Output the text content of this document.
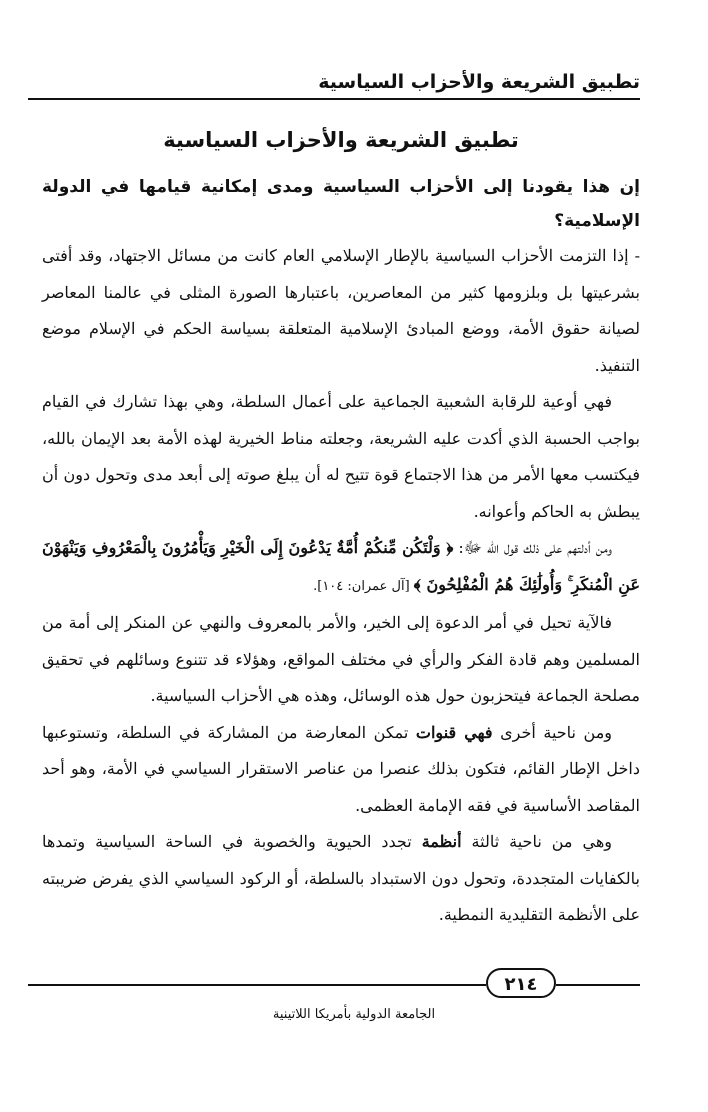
تطبيق الشريعة والأحزاب السياسية
تطبيق الشريعة والأحزاب السياسية

إن هذا يقودنا إلى الأحزاب السياسية ومدى إمكانية قيامها في الدولة الإسلامية؟

- إذا التزمت الأحزاب السياسية بالإطار الإسلامي العام كانت من مسائل الاجتهاد، وقد أفتى بشرعيتها بل وبلزومها كثير من المعاصرين، باعتبارها الصورة المثلى في عالمنا المعاصر لصيانة حقوق الأمة، ووضع المبادئ الإسلامية المتعلقة بسياسة الحكم في الإسلام موضع التنفيذ.

فهي أوعية للرقابة الشعبية الجماعية على أعمال السلطة، وهي بهذا تشارك في القيام بواجب الحسبة الذي أكدت عليه الشريعة، وجعلته مناط الخيرية لهذه الأمة بعد الإيمان بالله، فيكتسب معها الأمر من هذا الاجتماع قوة تتيح له أن يبلغ صوته إلى أبعد مدى وتحول دون أن يبطش به الحاكم وأعوانه.

ومن أدلتهم على ذلك قول الله ﷻ: ﴿ وَلْتَكُن مِّنكُمْ أُمَّةٌ يَدْعُونَ إِلَى الْخَيْرِ وَيَأْمُرُونَ بِالْمَعْرُوفِ وَيَنْهَوْنَ عَنِ الْمُنكَرِ ۚ وَأُولَٰئِكَ هُمُ الْمُفْلِحُونَ ﴾ [آل عمران: ١٠٤].

فالآية تحيل في أمر الدعوة إلى الخير، والأمر بالمعروف والنهي عن المنكر إلى أمة من المسلمين وهم قادة الفكر والرأي في مختلف المواقع، وهؤلاء قد تتنوع وسائلهم في تحقيق مصلحة الجماعة فيتحزبون حول هذه الوسائل، وهذه هي الأحزاب السياسية.

ومن ناحية أخرى فهي قنوات تمكن المعارضة من المشاركة في السلطة، وتستوعبها داخل الإطار القائم، فتكون بذلك عنصرا من عناصر الاستقرار السياسي في الأمة، وهو أحد المقاصد الأساسية في فقه الإمامة العظمى.

وهي من ناحية ثالثة أنظمة تجدد الحيوية والخصوبة في الساحة السياسية وتمدها بالكفايات المتجددة، وتحول دون الاستبداد بالسلطة، أو الركود السياسي الذي يفرض ضريبته على الأنظمة التقليدية النمطية.

٢١٤
الجامعة الدولية بأمريكا اللاتينية
